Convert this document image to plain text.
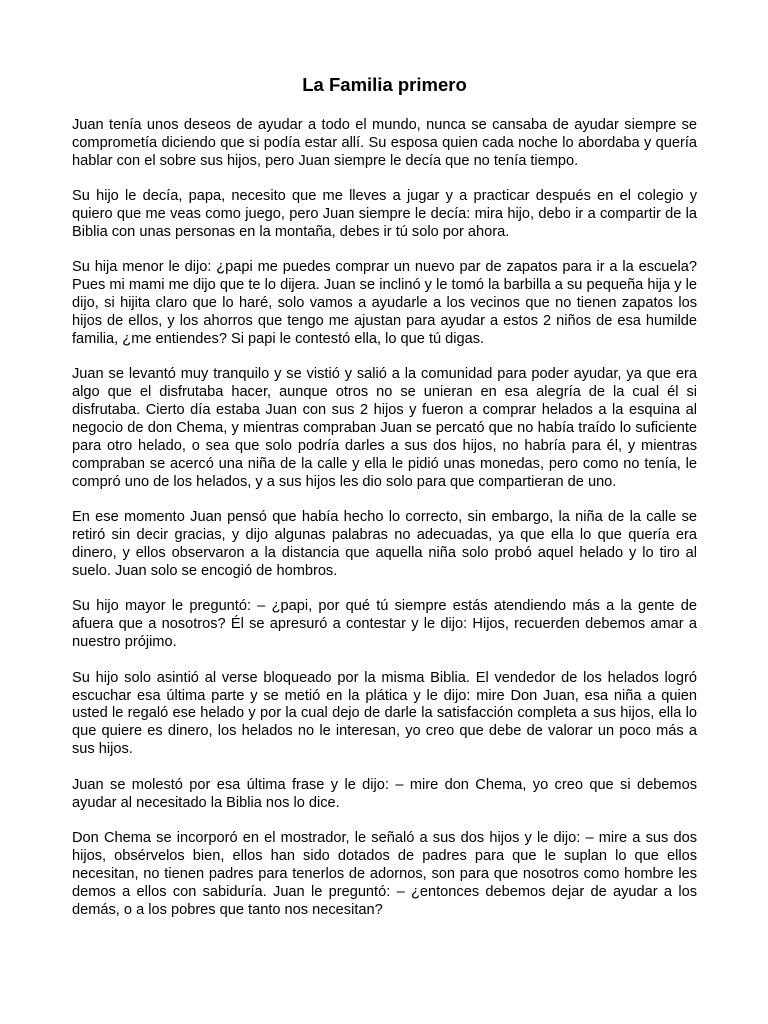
La Familia primero

Juan tenía unos deseos de ayudar a todo el mundo, nunca se cansaba de ayudar siempre se comprometía diciendo que si podía estar allí. Su esposa quien cada noche lo abordaba y quería hablar con el sobre sus hijos, pero Juan siempre le decía que no tenía tiempo.

Su hijo le decía, papa, necesito que me lleves a jugar y a practicar después en el colegio y quiero que me veas como juego, pero Juan siempre le decía: mira hijo, debo ir a compartir de la Biblia con unas personas en la montaña, debes ir tú solo por ahora.

Su hija menor le dijo: ¿papi me puedes comprar un nuevo par de zapatos para ir a la escuela? Pues mi mami me dijo que te lo dijera. Juan se inclinó y le tomó la barbilla a su pequeña hija y le dijo, si hijita claro que lo haré, solo vamos a ayudarle a los vecinos que no tienen zapatos los hijos de ellos, y los ahorros que tengo me ajustan para ayudar a estos 2 niños de esa humilde familia, ¿me entiendes? Si papi le contestó ella, lo que tú digas.

Juan se levantó muy tranquilo y se vistió y salió a la comunidad para poder ayudar, ya que era algo que el disfrutaba hacer, aunque otros no se unieran en esa alegría de la cual él si disfrutaba. Cierto día estaba Juan con sus 2 hijos y fueron a comprar helados a la esquina al negocio de don Chema, y mientras compraban Juan se percató que no había traído lo suficiente para otro helado, o sea que solo podría darles a sus dos hijos, no habría para él, y mientras compraban se acercó una niña de la calle y ella le pidió unas monedas, pero como no tenía, le compró uno de los helados, y a sus hijos les dio solo para que compartieran de uno.

En ese momento Juan pensó que había hecho lo correcto, sin embargo, la niña de la calle se retiró sin decir gracias, y dijo algunas palabras no adecuadas, ya que ella lo que quería era dinero, y ellos observaron a la distancia que aquella niña solo probó aquel helado y lo tiro al suelo. Juan solo se encogió de hombros.

Su hijo mayor le preguntó: – ¿papi, por qué tú siempre estás atendiendo más a la gente de afuera que a nosotros? Él se apresuró a contestar y le dijo: Hijos, recuerden debemos amar a nuestro prójimo.

Su hijo solo asintió al verse bloqueado por la misma Biblia. El vendedor de los helados logró escuchar esa última parte y se metió en la plática y le dijo: mire Don Juan, esa niña a quien usted le regaló ese helado y por la cual dejo de darle la satisfacción completa a sus hijos, ella lo que quiere es dinero, los helados no le interesan, yo creo que debe de valorar un poco más a sus hijos.

Juan se molestó por esa última frase y le dijo: – mire don Chema, yo creo que si debemos ayudar al necesitado la Biblia nos lo dice.

Don Chema se incorporó en el mostrador, le señaló a sus dos hijos y le dijo: – mire a sus dos hijos, obsérvelos bien, ellos han sido dotados de padres para que le suplan lo que ellos necesitan, no tienen padres para tenerlos de adornos, son para que nosotros como hombre les demos a ellos con sabiduría. Juan le preguntó: – ¿entonces debemos dejar de ayudar a los demás, o a los pobres que tanto nos necesitan?
